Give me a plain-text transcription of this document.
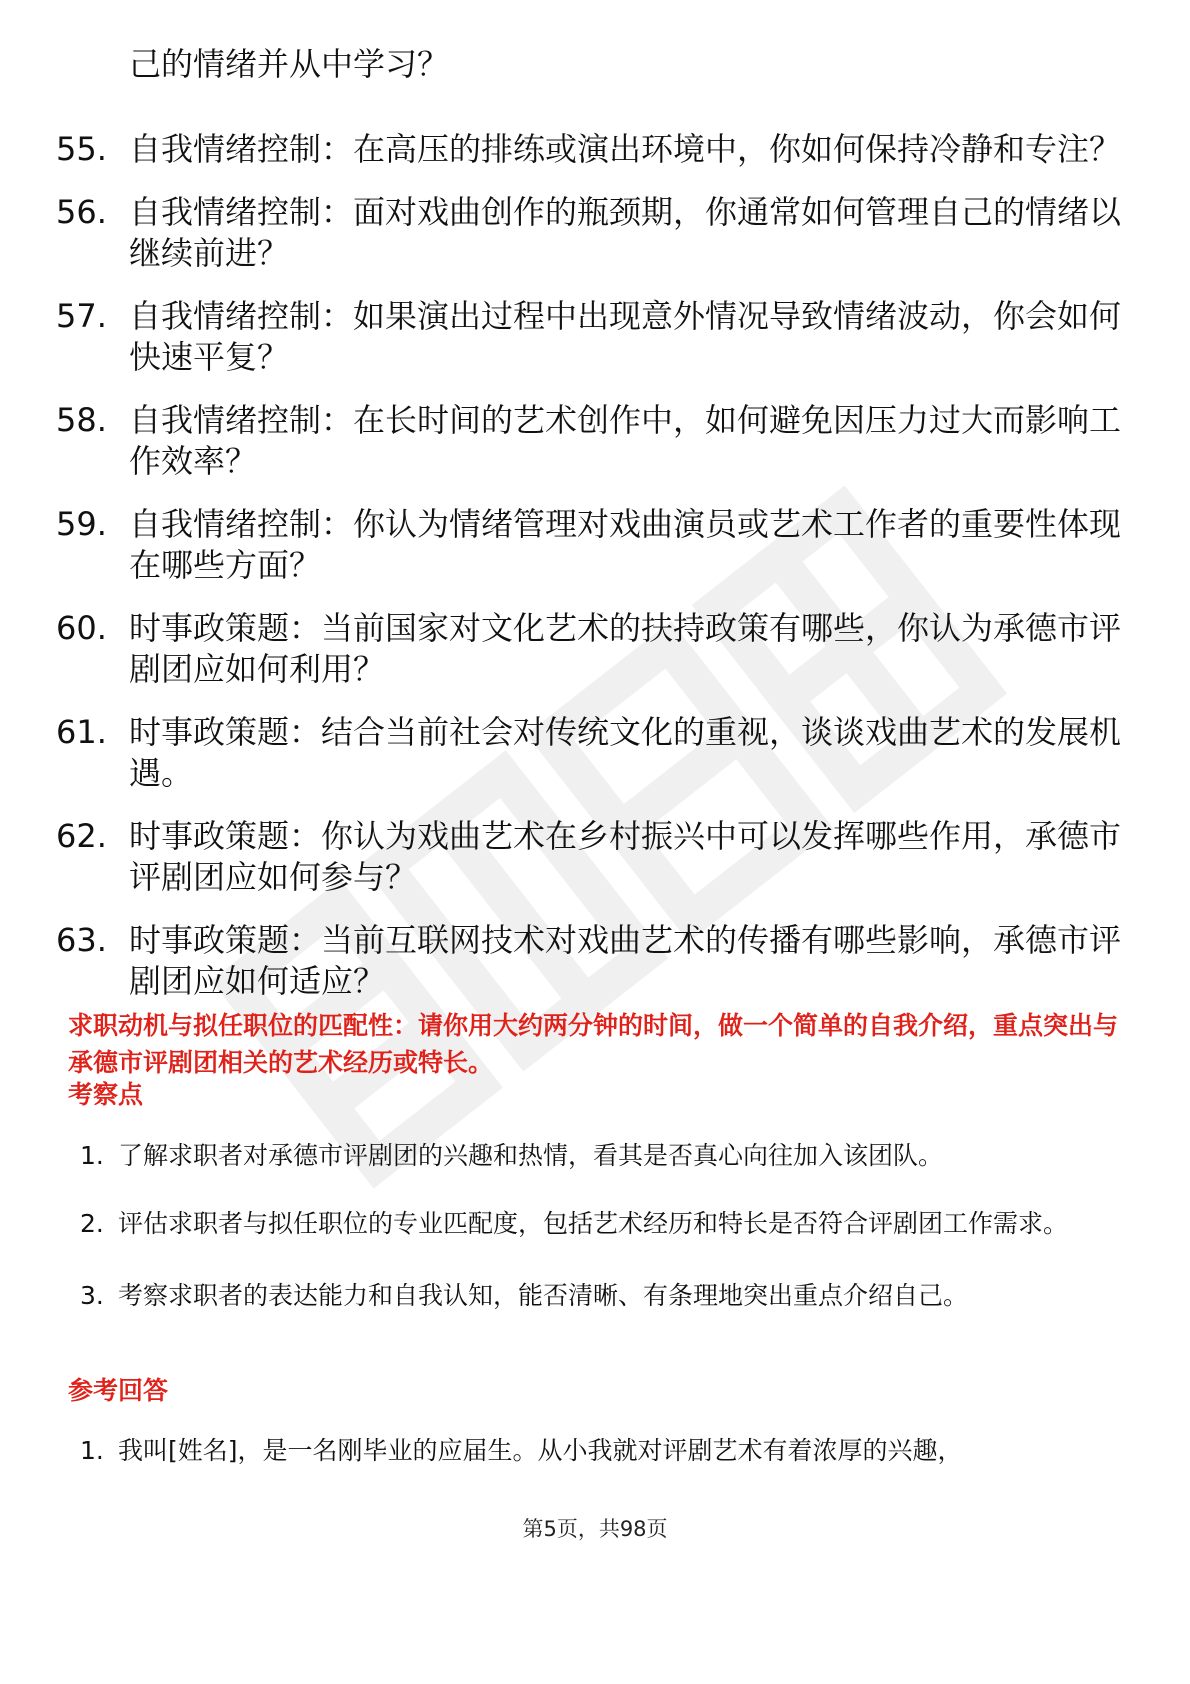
己的情绪并从中学习？
55. 自我情绪控制：在高压的排练或演出环境中，你如何保持冷静和专注？
56. 自我情绪控制：面对戏曲创作的瓶颈期，你通常如何管理自己的情绪以继续前进？
57. 自我情绪控制：如果演出过程中出现意外情况导致情绪波动，你会如何快速平复？
58. 自我情绪控制：在长时间的艺术创作中，如何避免因压力过大而影响工作效率？
59. 自我情绪控制：你认为情绪管理对戏曲演员或艺术工作者的重要性体现在哪些方面？
60. 时事政策题：当前国家对文化艺术的扶持政策有哪些，你认为承德市评剧团应如何利用？
61. 时事政策题：结合当前社会对传统文化的重视，谈谈戏曲艺术的发展机遇。
62. 时事政策题：你认为戏曲艺术在乡村振兴中可以发挥哪些作用，承德市评剧团应如何参与？
63. 时事政策题：当前互联网技术对戏曲艺术的传播有哪些影响，承德市评剧团应如何适应？
求职动机与拟任职位的匹配性：请你用大约两分钟的时间，做一个简单的自我介绍，重点突出与承德市评剧团相关的艺术经历或特长。
考察点
1. 了解求职者对承德市评剧团的兴趣和热情，看其是否真心向往加入该团队。
2. 评估求职者与拟任职位的专业匹配度，包括艺术经历和特长是否符合评剧团工作需求。
3. 考察求职者的表达能力和自我认知，能否清晰、有条理地突出重点介绍自己。
参考回答
1. 我叫[姓名]，是一名刚毕业的应届生。从小我就对评剧艺术有着浓厚的兴趣，
第5页，共98页
